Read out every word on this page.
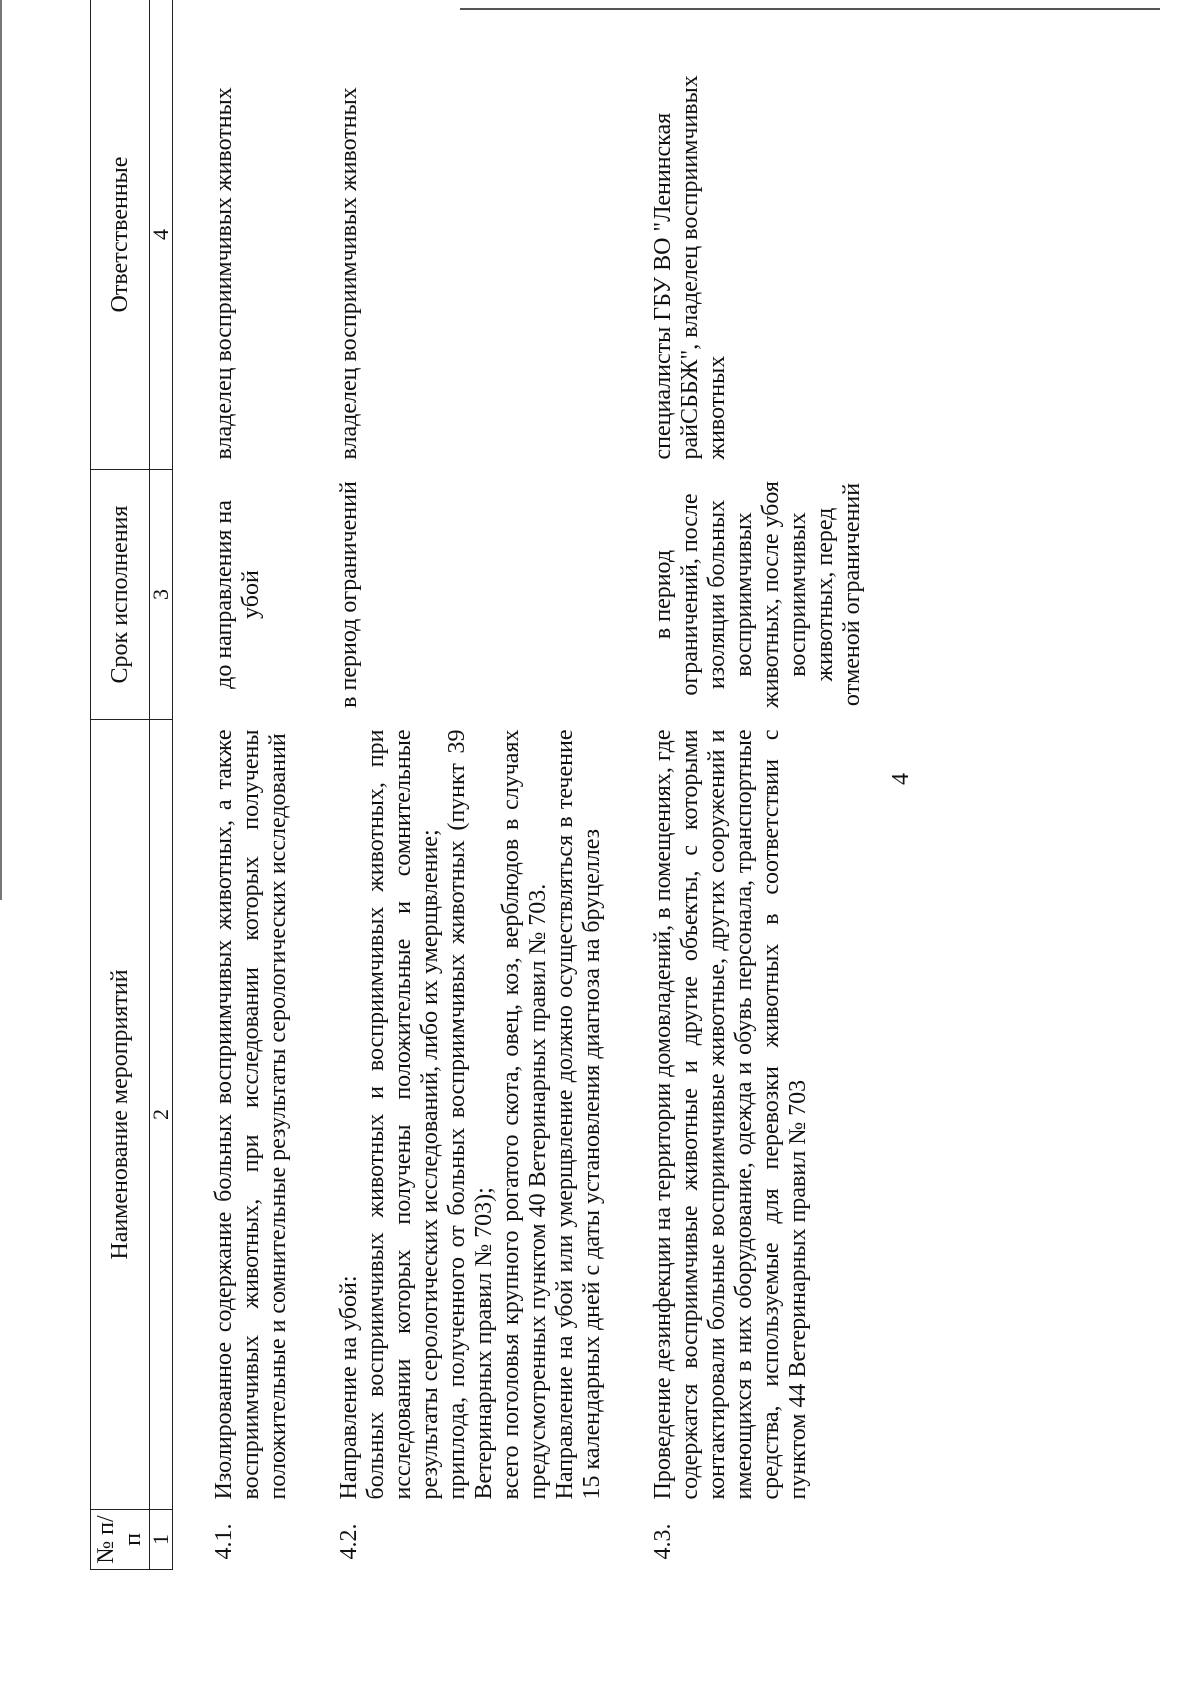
4
№ п/п	Наименование мероприятий	Срок исполнения	Ответственные
1	2	3	4

4.1.	Изолированное содержание больных восприимчивых животных, а также восприимчивых животных, при исследовании которых получены положительные и сомнительные результаты серологических исследований	до направления на убой	владелец восприимчивых животных

4.2.	Направление на убой: больных восприимчивых животных и восприимчивых животных, при исследовании которых получены положительные и сомнительные результаты серологических исследований, либо их умерщвление; приплода, полученного от больных восприимчивых животных (пункт 39 Ветеринарных правил № 703); всего поголовья крупного рогатого скота, овец, коз, верблюдов в случаях предусмотренных пунктом 40 Ветеринарных правил № 703. Направление на убой или умерщвление должно осуществляться в течение 15 календарных дней с даты установления диагноза на бруцеллез	в период ограничений	владелец восприимчивых животных

4.3.	Проведение дезинфекции на территории домовладений, в помещениях, где содержатся восприимчивые животные и другие объекты, с которыми контактировали больные восприимчивые животные, других сооружений и имеющихся в них оборудование, одежда и обувь персонала, транспортные средства, используемые для перевозки животных в соответствии с пунктом 44 Ветеринарных правил № 703	в период ограничений, после изоляции больных восприимчивых животных, после убоя восприимчивых животных, перед отменой ограничений	специалисты ГБУ ВО "Ленинская райСББЖ", владелец восприимчивых животных
